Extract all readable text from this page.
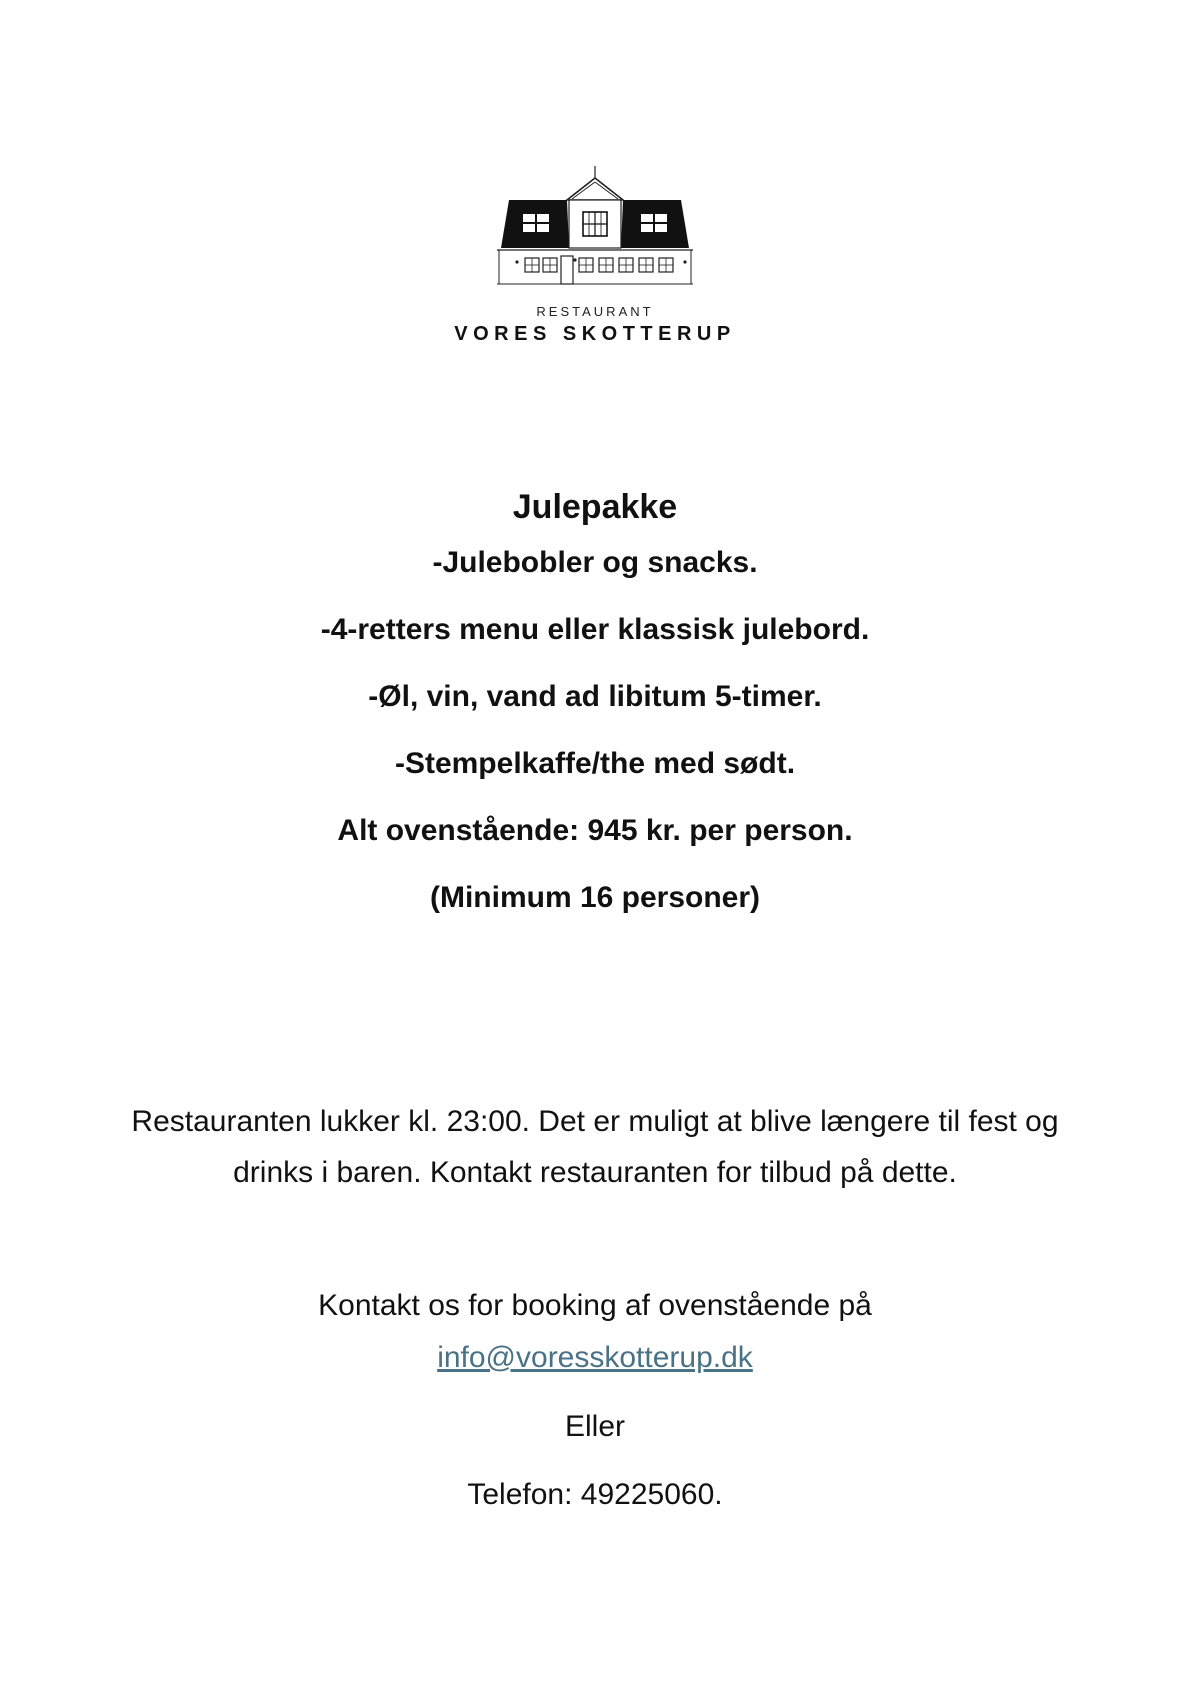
RESTAURANT
VORES SKOTTERUP
Julepakke
-Julebobler og snacks.
-4-retters menu eller klassisk julebord.
-Øl, vin, vand ad libitum 5-timer.
-Stempelkaffe/the med sødt.
Alt ovenstående: 945 kr. per person.
(Minimum 16 personer)

Restauranten lukker kl. 23:00. Det er muligt at blive længere til fest og drinks i baren. Kontakt restauranten for tilbud på dette.

Kontakt os for booking af ovenstående på

info@voresskotterup.dk

Eller

Telefon: 49225060.
